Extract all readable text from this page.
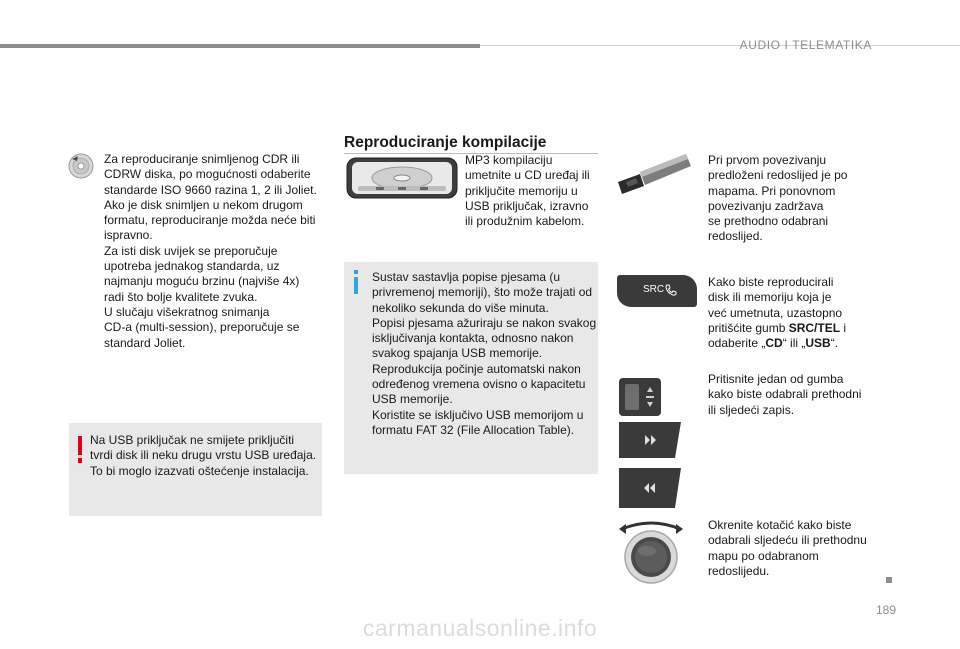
AUDIO I TELEMATIKA

Za reproduciranje snimljenog CDR ili

CDRW diska, po mogućnosti odaberite

standarde ISO 9660 razina 1, 2 ili Joliet.

Ako je disk snimljen u nekom drugom

formatu, reproduciranje možda neće biti

ispravno.

Za isti disk uvijek se preporučuje

upotreba jednakog standarda, uz

najmanju moguću brzinu (najviše 4x)

radi što bolje kvalitete zvuka.

U slučaju višekratnog snimanja

CD-a (multi-session), preporučuje se

standard Joliet.

Na USB priključak ne smijete priključiti

tvrdi disk ili neku drugu vrstu USB uređaja.

To bi moglo izazvati oštećenje instalacija.

Reproduciranje kompilacije

MP3 kompilaciju

umetnite u CD uređaj ili

priključite memoriju u

USB priključak, izravno

ili produžnim kabelom.

Sustav sastavlja popise pjesama (u

privremenoj memoriji), što može trajati od

nekoliko sekunda do više minuta.

Popisi pjesama ažuriraju se nakon svakog

isključivanja kontakta, odnosno nakon

svakog spajanja USB memorije.

Reprodukcija počinje automatski nakon

određenog vremena ovisno o kapacitetu

USB memorije.

Koristite se isključivo USB memorijom u

formatu FAT 32 (File Allocation Table).

Pri prvom povezivanju

predloženi redoslijed je po

mapama. Pri ponovnom

povezivanju zadržava

se prethodno odabrani

redoslijed.

SRC

Kako biste reproducirali

disk ili memoriju koja je

već umetnuta, uzastopno

pritišćite gumb SRC/TEL i

odaberite „CD“ ili „USB“.

Pritisnite jedan od gumba

kako biste odabrali prethodni

ili sljedeći zapis.

Okrenite kotačić kako biste

odabrali sljedeću ili prethodnu

mapu po odabranom

redoslijedu.

189
carmanualsonline.info
